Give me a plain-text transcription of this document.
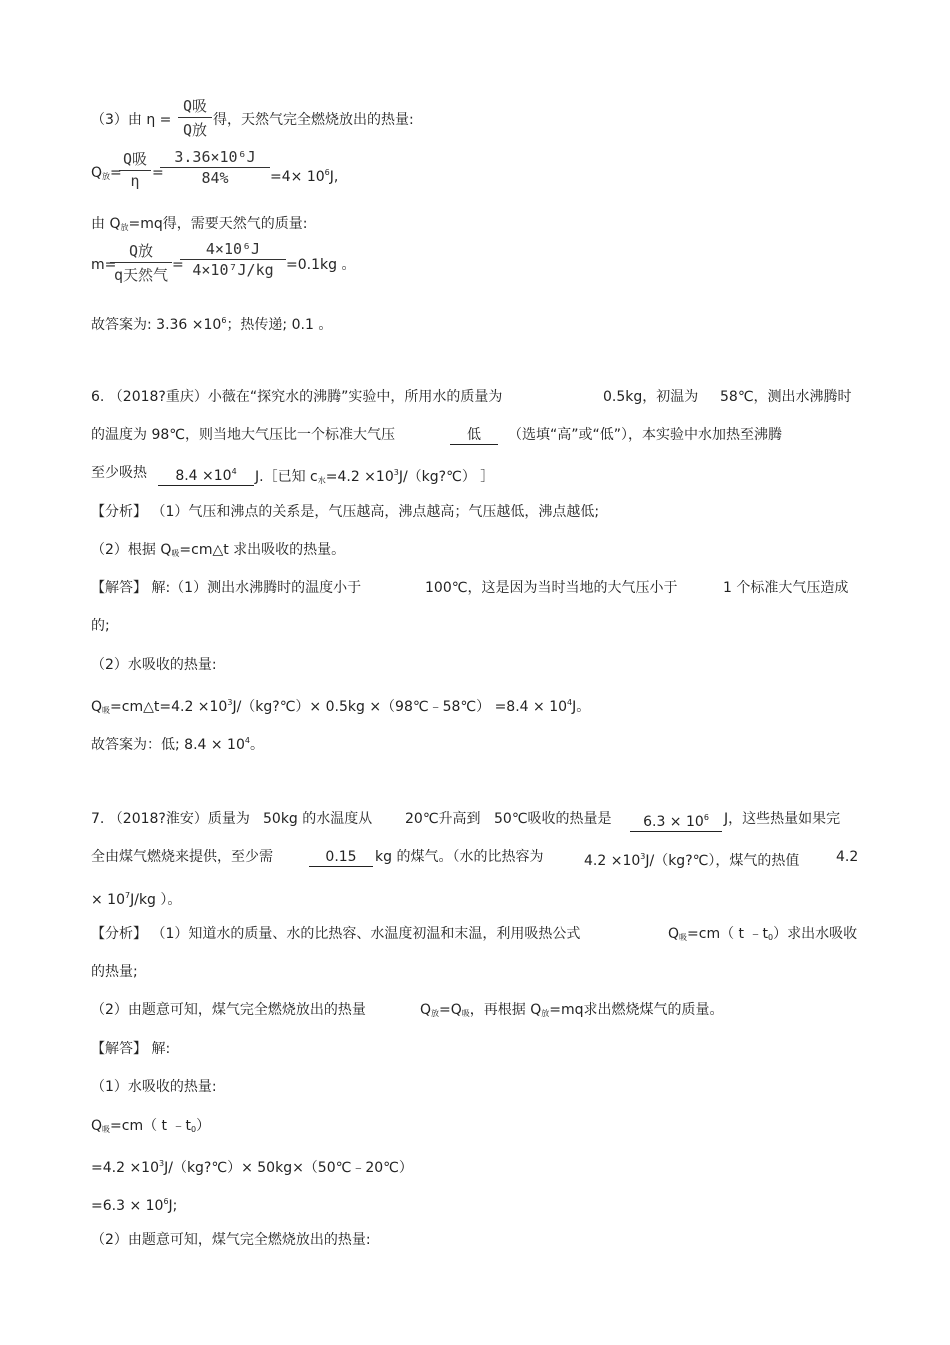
（3）由 η =
Q吸
Q放
得，天然气完全燃烧放出的热量:
$Q_放=$
Q吸
η =
3.36×10⁶J
84%	$=4\times 10^6J$,
由 $Q_放=mq$得，需要天然气的质量:
m=
Q放
q天然气
=
4×10⁶J
4×10⁷J/kg =0.1kg 。
故答案为: $3.36 \times 10^6$；热传递; 0.1 。
6. （2018?重庆）小薇在“探究水的沸腾”实验中，所用水的质量为	0.5kg，初温为 58℃，测出水沸腾时
的温度为 98℃，则当地大气压比一个标准大气压	低	（选填“高”或“低”），本实验中水加热至沸腾
至少吸热	$8.4 \times 10^4$	J.［已知 $c_水=4.2$ $\times 10^3J/(kg?℃)$ ］
【分析】 （1）气压和沸点的关系是，气压越高，沸点越高；气压越低，沸点越低;
（2）根据 $Q_吸=cm\triangle t$ 求出吸收的热量。
【解答】 解:（1）测出水沸腾时的温度小于	100℃，这是因为当时当地的大气压小于	1 个标准大气压造成
的;
（2）水吸收的热量:
$Q_吸=cm\triangle t=4.2$ $\times 10^3J/(kg?℃)\times 0.5kg$ ×（98℃﹣58℃） $=8.4 \times 10^4J$。
故答案为：低; $8.4 \times 10^4$。
7. （2018?淮安）质量为 50kg 的水温度从 20℃升高到 50℃吸收的热量是	$6.3 \times 10^6$	J，这些热量如果完
全由煤气燃烧来提供，至少需	0.15	kg 的煤气。（水的比热容为	$4.2 \times 10^3J/(kg?℃)$，煤气的热值	4.2
× $10^7J/kg$ ）。
【分析】 （1）知道水的质量、水的比热容、水温度初温和末温，利用吸热公式	$Q_吸=cm$（ t $﹣t_0$）求出水吸收
的热量;
（2）由题意可知，煤气完全燃烧放出的热量	$Q_放=Q_吸$，再根据 $Q_放=mq$求出燃烧煤气的质量。
【解答】 解:
（1）水吸收的热量:
$Q_吸=cm$（ t $﹣t_0$）
$=4.2 \times 10^3J/(kg?℃)\times$ 50kg×（50℃﹣20℃）
$=6.3 \times 10^6J$;
（2）由题意可知，煤气完全燃烧放出的热量:
